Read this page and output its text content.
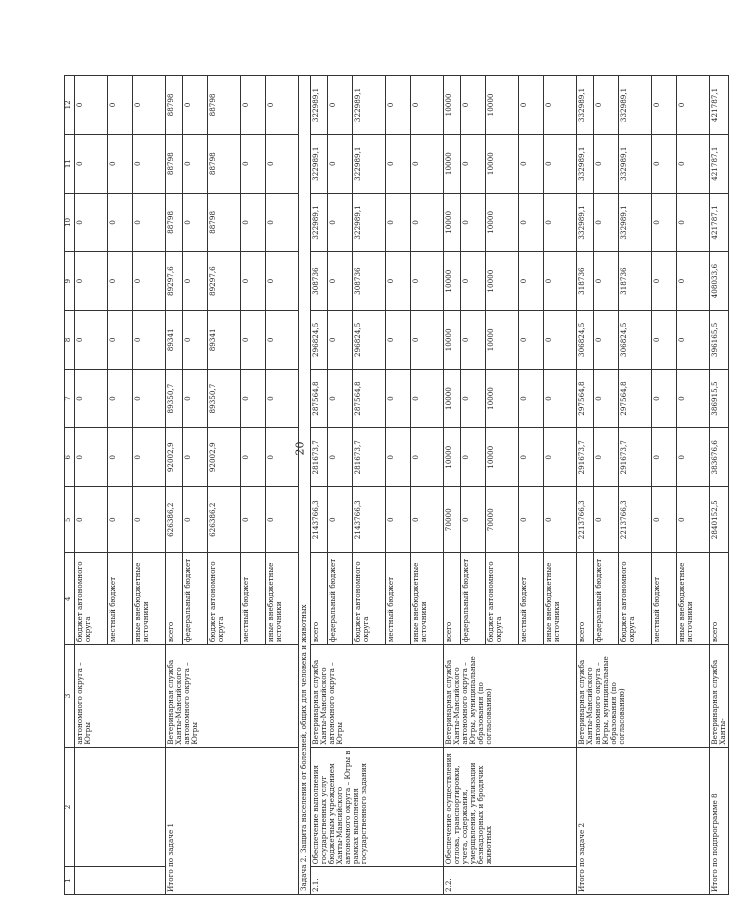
20
1	2	3	4	5	6	7	8	9	10	11	12
		автономного округа – Югры	бюджет автономного округа	0	0	0	0	0	0	0	0
			местный бюджет	0	0	0	0	0	0	0	0
			иные внебюджетные источники	0	0	0	0	0	0	0	0
Итого по задаче 1		Ветеринарная служба Ханты-Мансийского автономного округа – Югры	всего	626386,2	92002,9	89350,7	89341	89297,6	88798	88798	88798
			федеральный бюджет	0	0	0	0	0	0	0	0
			бюджет автономного округа	626386,2	92002,9	89350,7	89341	89297,6	88798	88798	88798
			местный бюджет	0	0	0	0	0	0	0	0
			иные внебюджетные источники	0	0	0	0	0	0	0	0
Задача 2. Защита населения от болезней, общих для человека и животных											
2.1.	Обеспечение выполнения государственных услуг бюджетным учреждением Ханты-Мансийского автономного округа – Югры в рамках выполнения государственного задания	Ветеринарная служба Ханты-Мансийского автономного округа – Югры	всего	2143766,3	281673,7	287564,8	296824,5	308736	322989,1	322989,1	322989,1
			федеральный бюджет	0	0	0	0	0	0	0	0
			бюджет автономного округа	2143766,3	281673,7	287564,8	296824,5	308736	322989,1	322989,1	322989,1
			местный бюджет	0	0	0	0	0	0	0	0
			иные внебюджетные источники	0	0	0	0	0	0	0	0
2.2.	Обеспечение осуществления отлова, транспортировки, учета, содержания, умерщвления, утилизации безнадзорных и бродячих животных	Ветеринарная служба Ханты-Мансийского автономного округа – Югры, муниципальные образования (по согласованию)	всего	70000	10000	10000	10000	10000	10000	10000	10000
			федеральный бюджет	0	0	0	0	0	0	0	0
			бюджет автономного округа	70000	10000	10000	10000	10000	10000	10000	10000
			местный бюджет	0	0	0	0	0	0	0	0
			иные внебюджетные источники	0	0	0	0	0	0	0	0
Итого по задаче 2		Ветеринарная служба Ханты-Мансийского автономного округа – Югры, муниципальные образования (по согласованию)	всего	2213766,3	291673,7	297564,8	306824,5	318736	332989,1	332989,1	332989,1
			федеральный бюджет	0	0	0	0	0	0	0	0
			бюджет автономного округа	2213766,3	291673,7	297564,8	306824,5	318736	332989,1	332989,1	332989,1
			местный бюджет	0	0	0	0	0	0	0	0
			иные внебюджетные источники	0	0	0	0	0	0	0	0
Итого по подпрограмме 8		Ветеринарная служба Ханты-	всего	2840152,5	383676,6	386915,5	396165,5	408033,6	421787,1	421787,1	421787,1
